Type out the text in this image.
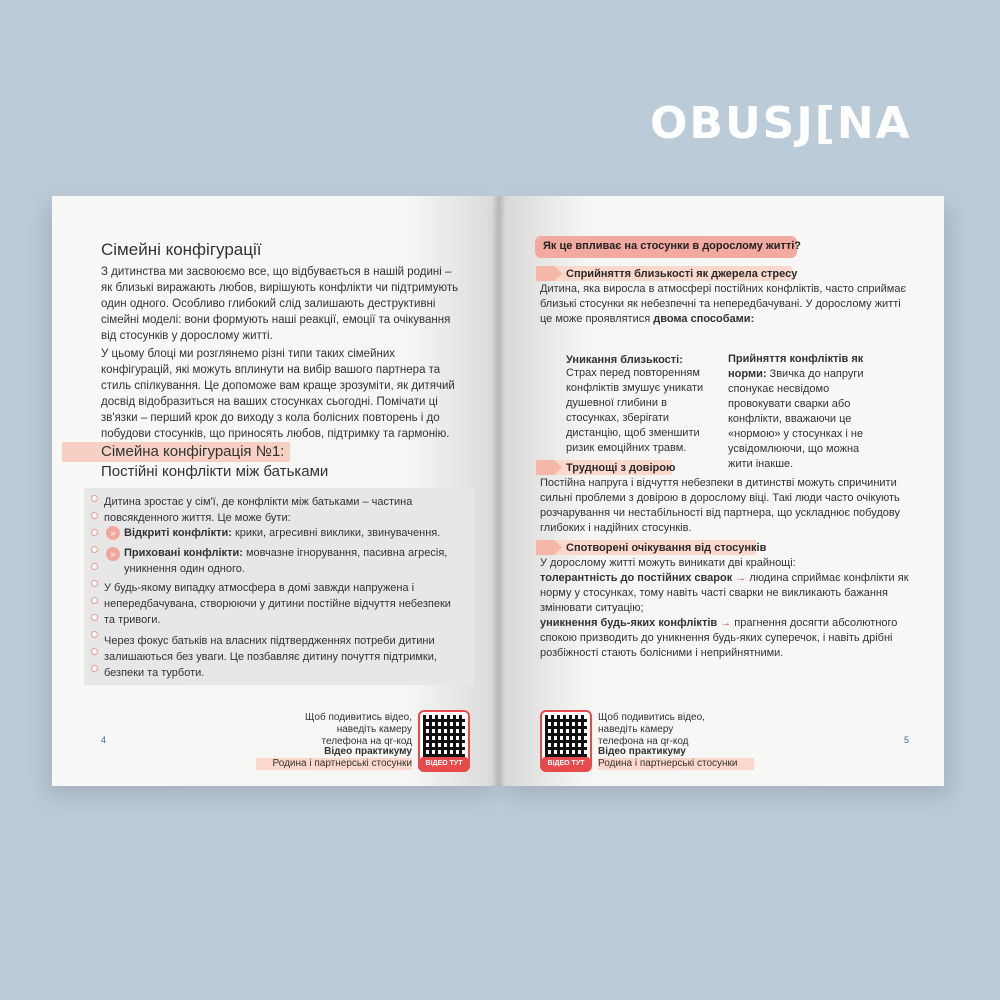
OBUSJ[NA
Сімейні конфігурації
З дитинства ми засвоюємо все, що відбувається в нашій родині – як близькі виражають любов, вирішують конфлікти чи підтримують один одного. Особливо глибокий слід залишають деструктивні сімейні моделі: вони формують наші реакції, емоції та очікування від стосунків у дорослому житті.
У цьому блоці ми розглянемо різні типи таких сімейних конфігурацій, які можуть вплинути на вибір вашого партнера та стиль спілкування. Це допоможе вам краще зрозуміти, як дитячий досвід відобразиться на ваших стосунках сьогодні. Помічати ці зв'язки – перший крок до виходу з кола болісних повторень і до побудови стосунків, що приносять любов, підтримку та гармонію.
Сімейна конфігурація №1:
Постійні конфлікти між батьками
Дитина зростає у сім'ї, де конфлікти між батьками – частина повсякденного життя. Це може бути:
» Відкриті конфлікти: крики, агресивні виклики, звинувачення.
» Приховані конфлікти: мовчазне ігнорування, пасивна агресія, уникнення один одного.
У будь-якому випадку атмосфера в домі завжди напружена і непередбачувана, створюючи у дитини постійне відчуття небезпеки та тривоги.
Через фокус батьків на власних підтвердженнях потреби дитини залишаються без уваги. Це позбавляє дитину почуття підтримки, безпеки та турботи.
4
Щоб подивитись відео, наведіть камеру телефона на qr-код
Відео практикуму
Родина і партнерські стосунки	ВІДЕО ТУТ
Як це впливає на стосунки в дорослому житті?
Сприйняття близькості як джерела стресу
Дитина, яка виросла в атмосфері постійних конфліктів, часто сприймає близькі стосунки як небезпечні та непередбачувані. У дорослому житті це може проявлятися двома способами:
Уникання близькості:
Страх перед повторенням конфліктів змушує уникати душевної глибини в стосунках, зберігати дистанцію, щоб зменшити ризик емоційних травм.
Прийняття конфліктів як норми: Звичка до напруги спонукає несвідомо провокувати сварки або конфлікти, вважаючи це «нормою» у стосунках і не усвідомлюючи, що можна жити інакше.
Труднощі з довірою
Постійна напруга і відчуття небезпеки в дитинстві можуть спричинити сильні проблеми з довірою в дорослому віці. Такі люди часто очікують розчарування чи нестабільності від партнера, що ускладнює побудову глибоких і надійних стосунків.
Спотворені очікування від стосунків
У дорослому житті можуть виникати дві крайнощі:
толерантність до постійних сварок → людина сприймає конфлікти як норму у стосунках, тому навіть часті сварки не викликають бажання змінювати ситуацію;
уникнення будь-яких конфліктів → прагнення досягти абсолютного спокою призводить до уникнення будь-яких суперечок, і навіть дрібні розбіжності стають болісними і неприйнятними.
ВІДЕО ТУТ
Щоб подивитись відео, наведіть камеру телефона на qr-код
Відео практикуму
Родина і партнерські стосунки
5
